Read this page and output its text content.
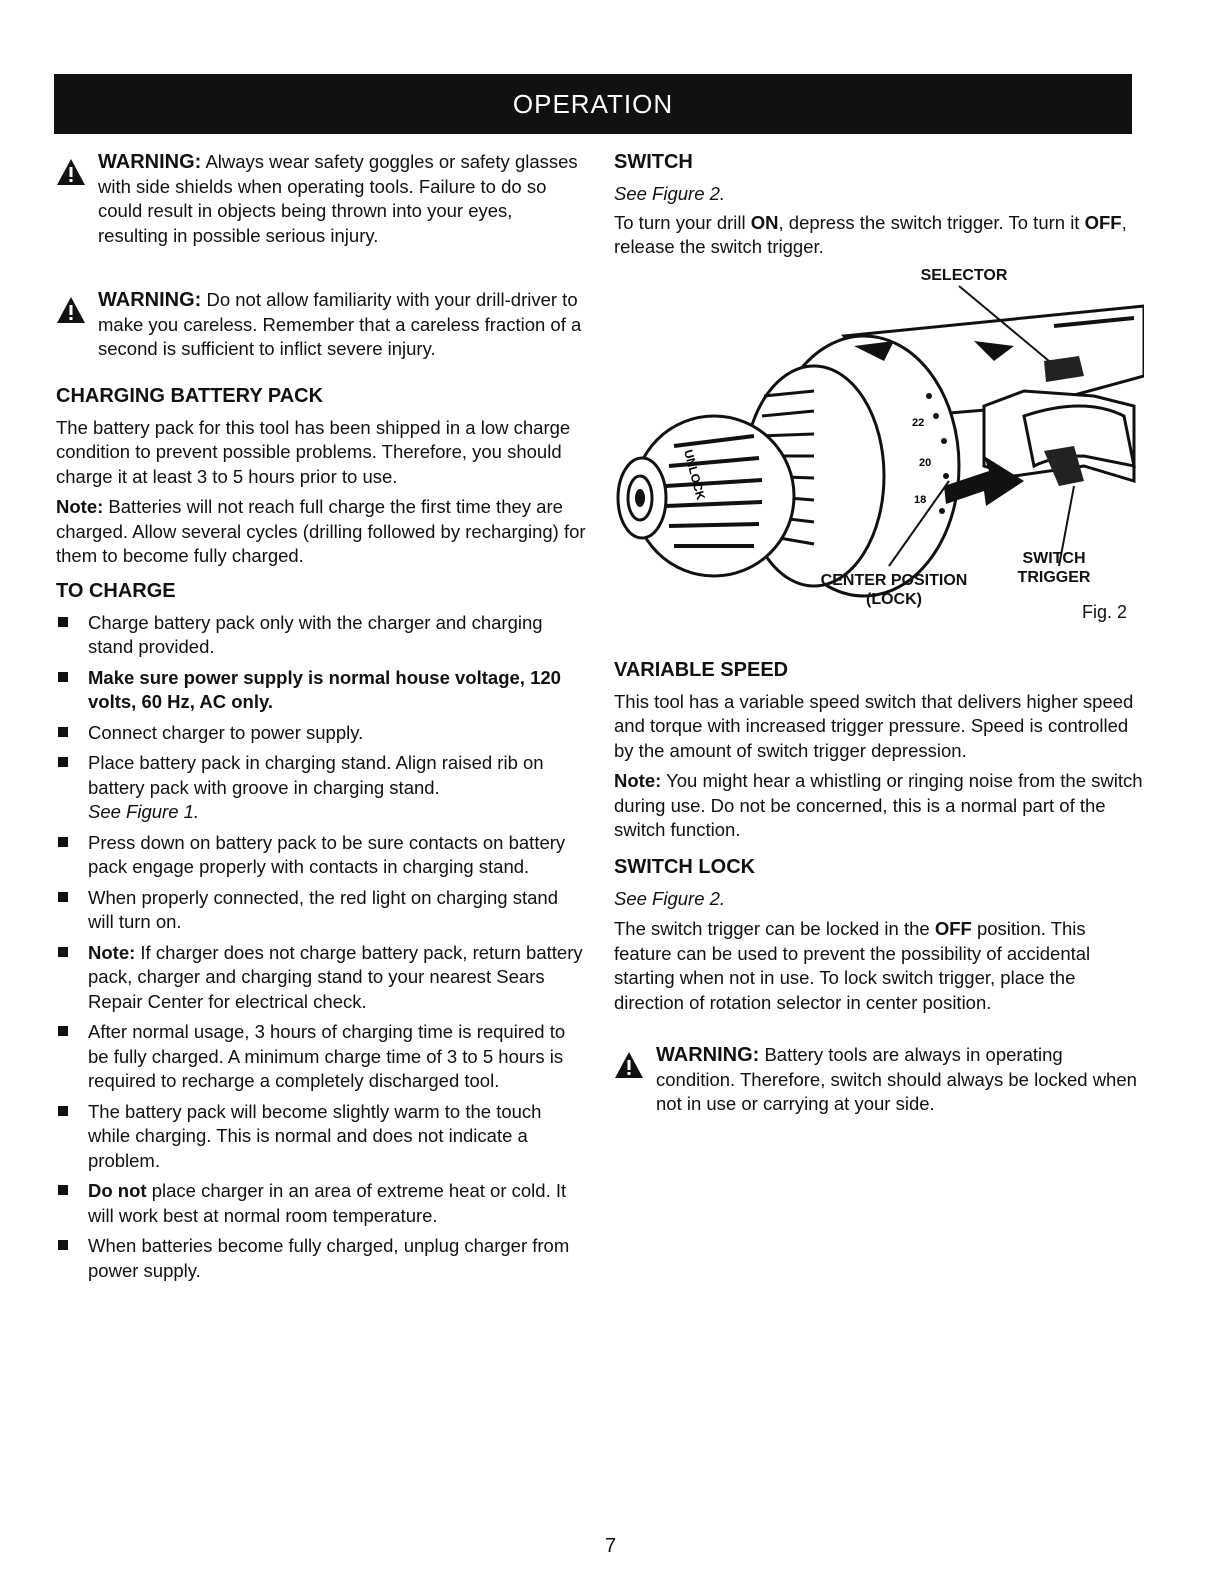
OPERATION
WARNING: Always wear safety goggles or safety glasses with side shields when operating tools. Failure to do so could result in objects being thrown into your eyes, resulting in possible serious injury.
WARNING: Do not allow familiarity with your drill-driver to make you careless. Remember that a careless fraction of a second is sufficient to inflict severe injury.
CHARGING BATTERY PACK

The battery pack for this tool has been shipped in a low charge condition to prevent possible problems. Therefore, you should charge it at least 3 to 5 hours prior to use.

Note: Batteries will not reach full charge the first time they are charged. Allow several cycles (drilling followed by recharging) for them to become fully charged.

TO CHARGE
Charge battery pack only with the charger and charging stand provided.
Make sure power supply is normal house voltage, 120 volts, 60 Hz, AC only.
Connect charger to power supply.
Place battery pack in charging stand. Align raised rib on battery pack with groove in charging stand.
See Figure 1.
Press down on battery pack to be sure contacts on battery pack engage properly with contacts in charging stand.
When properly connected, the red light on charging stand will turn on.
Note: If charger does not charge battery pack, return battery pack, charger and charging stand to your nearest Sears Repair Center for electrical check.
After normal usage, 3 hours of charging time is required to be fully charged. A minimum charge time of 3 to 5 hours is required to recharge a completely discharged tool.
The battery pack will become slightly warm to the touch while charging. This is normal and does not indicate a problem.
Do not place charger in an area of extreme heat or cold. It will work best at normal room temperature.
When batteries become fully charged, unplug charger from power supply.
SWITCH

See Figure 2.

To turn your drill ON, depress the switch trigger. To turn it OFF, release the switch trigger.

22
20
18
UNLOCK
SELECTOR
CENTER POSITION
(LOCK)
SWITCH
TRIGGER
Fig. 2
VARIABLE SPEED

This tool has a variable speed switch that delivers higher speed and torque with increased trigger pressure. Speed is controlled by the amount of switch trigger depression.

Note: You might hear a whistling or ringing noise from the switch during use. Do not be concerned, this is a normal part of the switch function.

SWITCH LOCK

See Figure 2.

The switch trigger can be locked in the OFF position. This feature can be used to prevent the possibility of accidental starting when not in use. To lock switch trigger, place the direction of rotation selector in center position.

WARNING: Battery tools are always in operating condition. Therefore, switch should always be locked when not in use or carrying at your side.
7
